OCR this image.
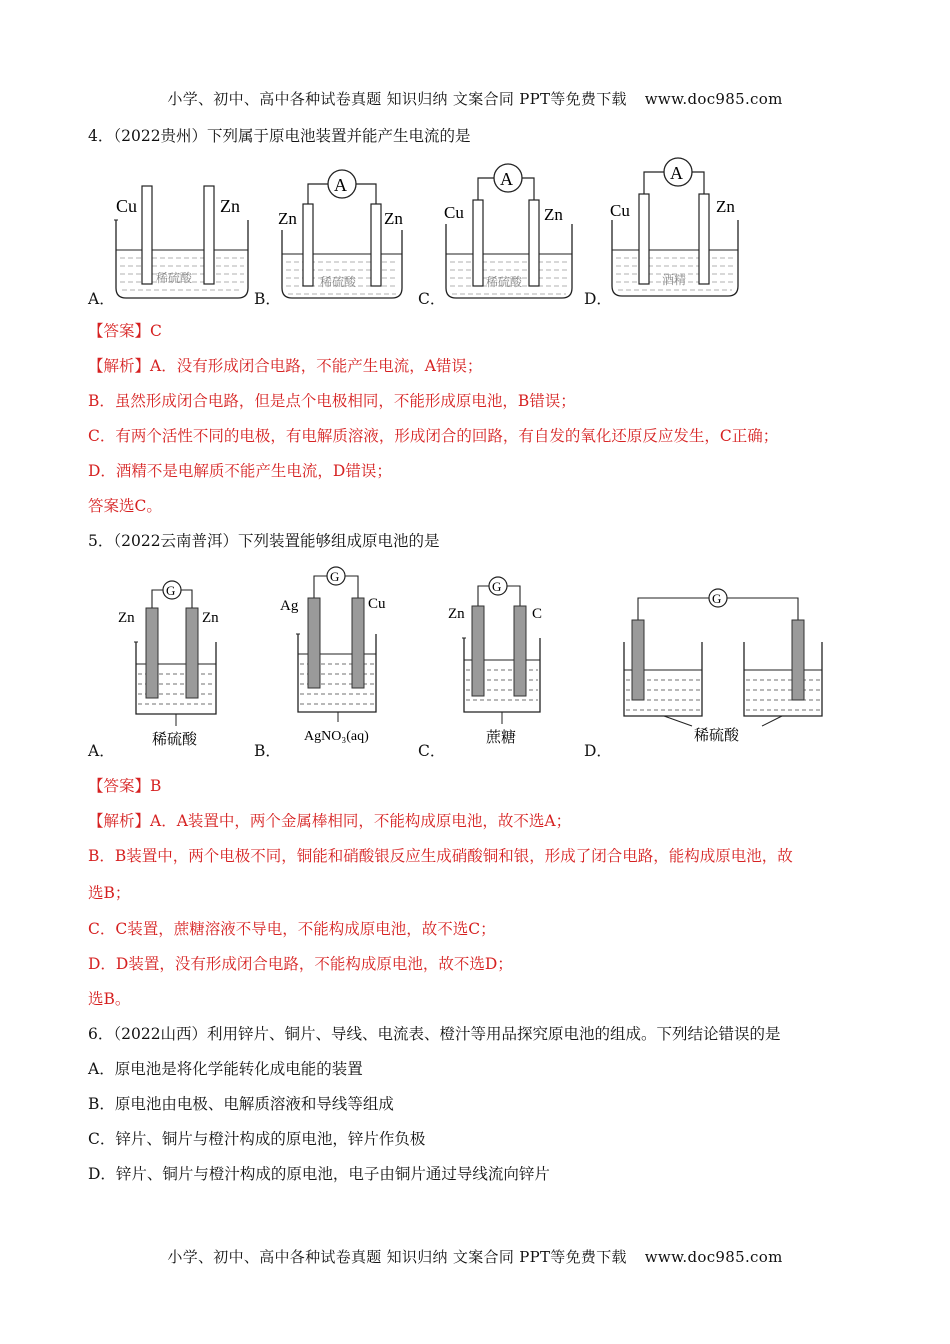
小学、初中、高中各种试卷真题 知识归纳 文案合同 PPT等免费下载 www.doc985.com
4．（2022贵州）下列属于原电池装置并能产生电流的是
Cu	Zn
稀硫酸
A．
A
Zn	Zn
稀硫酸
B．
A
Cu	Zn
稀硫酸
C．
A
Cu	Zn
酒精
D．
【答案】C
【解析】A．没有形成闭合电路，不能产生电流，A错误；
B．虽然形成闭合电路，但是点个电极相同，不能形成原电池，B错误；
C．有两个活性不同的电极，有电解质溶液，形成闭合的回路，有自发的氧化还原反应发生，C正确；
D．酒精不是电解质不能产生电流，D错误；
答案选C。
5．（2022云南普洱）下列装置能够组成原电池的是
G
Zn	Zn
稀硫酸
A．
G
Ag	Cu
AgNO₃(aq)
B．
G
Zn	C
蔗糖
C．
G
稀硫酸
D．
【答案】B
【解析】A．A装置中，两个金属棒相同，不能构成原电池，故不选A；
B．B装置中，两个电极不同，铜能和硝酸银反应生成硝酸铜和银，形成了闭合电路，能构成原电池，故
选B；
C．C装置，蔗糖溶液不导电，不能构成原电池，故不选C；
D．D装置，没有形成闭合电路，不能构成原电池，故不选D；
选B。
6．（2022山西）利用锌片、铜片、导线、电流表、橙汁等用品探究原电池的组成。下列结论错误的是
A．原电池是将化学能转化成电能的装置
B．原电池由电极、电解质溶液和导线等组成
C．锌片、铜片与橙汁构成的原电池，锌片作负极
D．锌片、铜片与橙汁构成的原电池，电子由铜片通过导线流向锌片
小学、初中、高中各种试卷真题 知识归纳 文案合同 PPT等免费下载 www.doc985.com
